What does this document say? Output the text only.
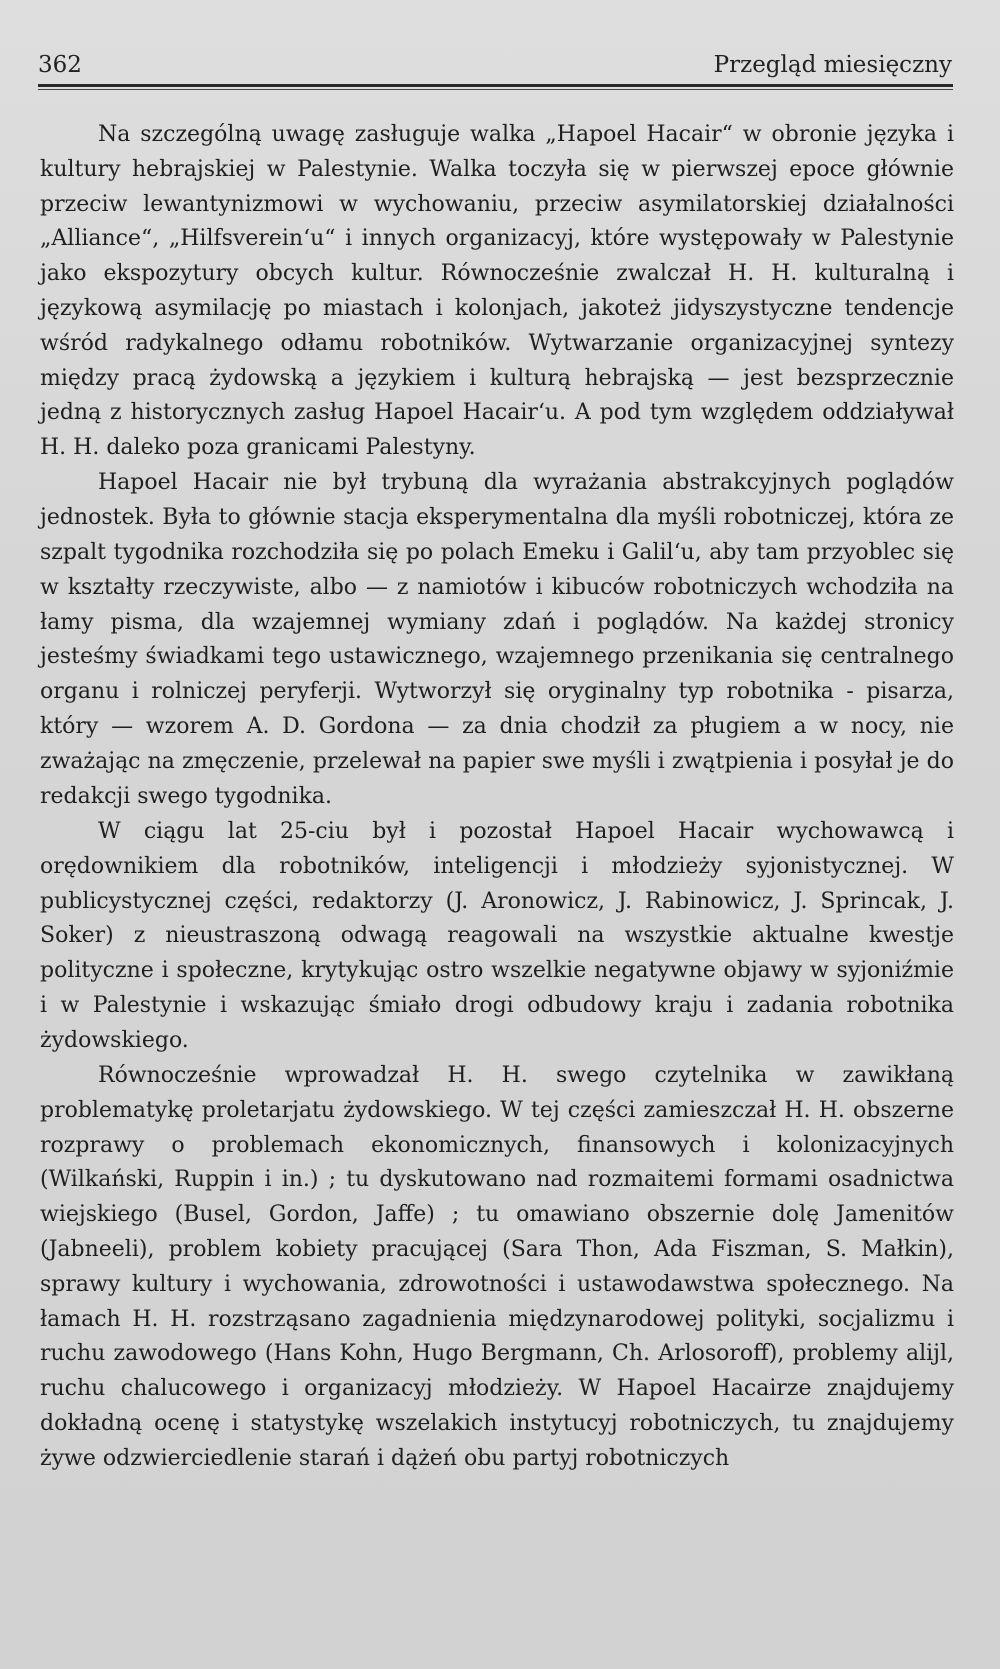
362	Przegląd miesięczny

Na szczególną uwagę zasługuje walka „Hapoel Hacair“ w obronie języka i kultury hebrajskiej w Palestynie. Walka toczyła się w pierwszej epoce głównie przeciw lewantynizmowi w wychowaniu, przeciw asymilatorskiej działalności „Alliance“, „Hilfsverein‘u“ i innych organizacyj, które występowały w Palestynie jako ekspozytury obcych kultur. Równocześnie zwalczał H. H. kulturalną i językową asymilację po miastach i kolonjach, jakoteż jidyszystyczne tendencje wśród radykalnego odłamu robotników. Wytwarzanie organizacyjnej syntezy między pracą żydowską a językiem i kulturą hebrajską — jest bezsprzecznie jedną z historycznych zasług Hapoel Hacair‘u. A pod tym względem oddziaływał H. H. daleko poza granicami Palestyny.

Hapoel Hacair nie był trybuną dla wyrażania abstrakcyjnych poglądów jednostek. Była to głównie stacja eksperymentalna dla myśli robotniczej, która ze szpalt tygodnika rozchodziła się po polach Emeku i Galil‘u, aby tam przyoblec się w kształty rzeczywiste, albo — z namiotów i kibuców robotniczych wchodziła na łamy pisma, dla wzajemnej wymiany zdań i poglądów. Na każdej stronicy jesteśmy świadkami tego ustawicznego, wzajemnego przenikania się centralnego organu i rolniczej peryferji. Wytworzył się oryginalny typ robotnika - pisarza, który — wzorem A. D. Gordona — za dnia chodził za pługiem a w nocy, nie zważając na zmęczenie, przelewał na papier swe myśli i zwątpienia i posyłał je do redakcji swego tygodnika.

W ciągu lat 25-ciu był i pozostał Hapoel Hacair wychowawcą i orędownikiem dla robotników, inteligencji i młodzieży syjonistycznej. W publicystycznej części, redaktorzy (J. Aronowicz, J. Rabinowicz, J. Sprincak, J. Soker) z nieustraszoną odwagą reagowali na wszystkie aktualne kwestje polityczne i społeczne, krytykując ostro wszelkie negatywne objawy w syjoniźmie i w Palestynie i wskazując śmiało drogi odbudowy kraju i zadania robotnika żydowskiego.

Równocześnie wprowadzał H. H. swego czytelnika w zawikłaną problematykę proletarjatu żydowskiego. W tej części zamieszczał H. H. obszerne rozprawy o problemach ekonomicznych, finansowych i kolonizacyjnych (Wilkański, Ruppin i in.) ; tu dyskutowano nad rozmaitemi formami osadnictwa wiejskiego (Busel, Gordon, Jaffe) ; tu omawiano obszernie dolę Jamenitów (Jabneeli), problem kobiety pracującej (Sara Thon, Ada Fiszman, S. Małkin), sprawy kultury i wychowania, zdrowotności i ustawodawstwa społecznego. Na łamach H. H. rozstrząsano zagadnienia międzynarodowej polityki, socjalizmu i ruchu zawodowego (Hans Kohn, Hugo Bergmann, Ch. Arlosoroff), problemy alijl, ruchu chalucowego i organizacyj młodzieży. W Hapoel Hacairze znajdujemy dokładną ocenę i statystykę wszelakich instytucyj robotniczych, tu znajdujemy żywe odzwierciedlenie starań i dążeń obu partyj robotniczych
